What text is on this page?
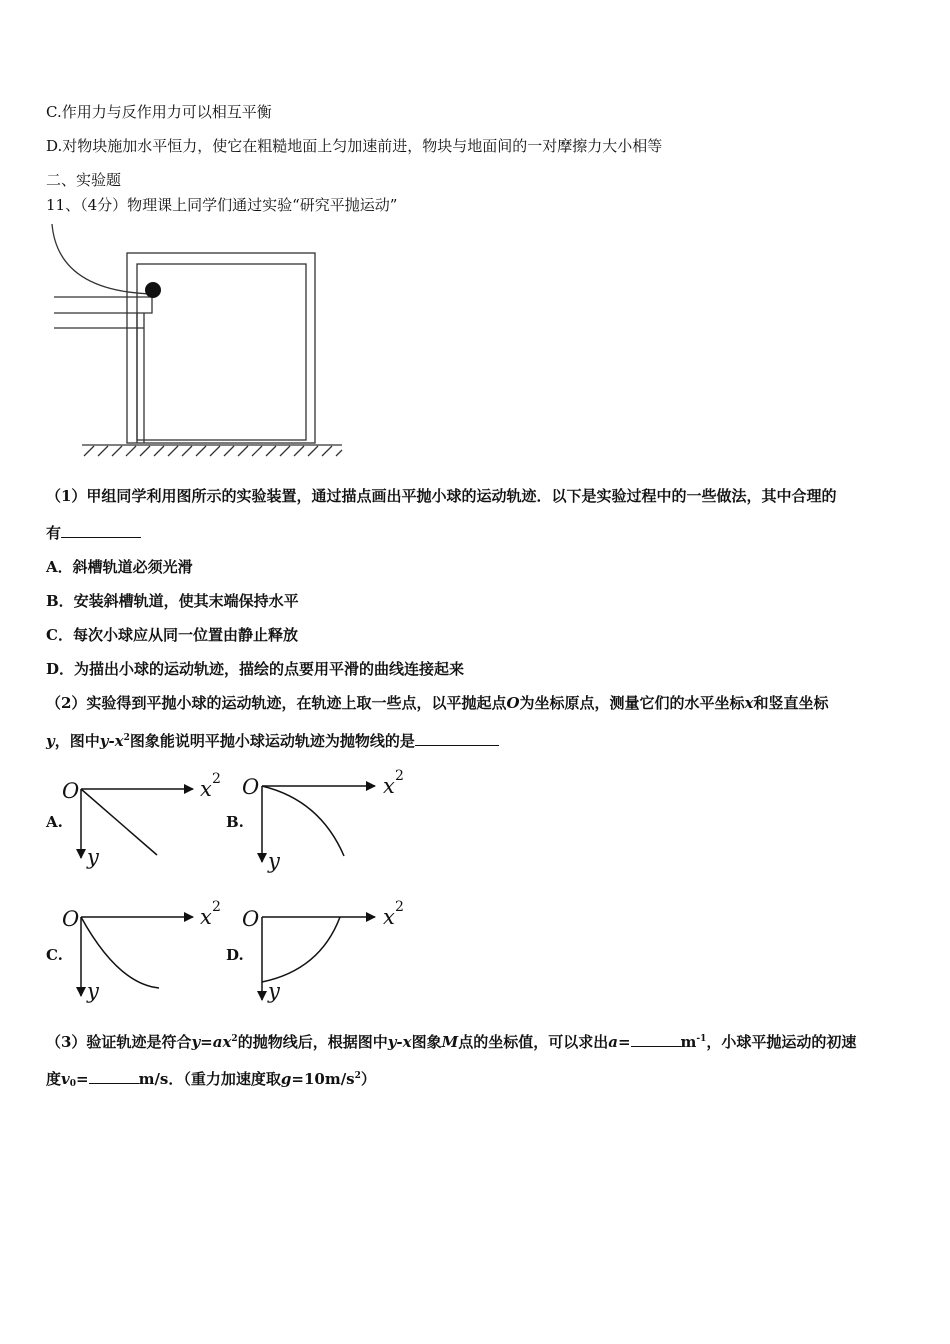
C.作用力与反作用力可以相互平衡
D.对物块施加水平恒力，使它在粗糙地面上匀加速前进，物块与地面间的一对摩擦力大小相等
二、实验题
11、（4分）物理课上同学们通过实验“研究平抛运动”
（1）甲组同学利用图所示的实验装置，通过描点画出平抛小球的运动轨迹．以下是实验过程中的一些做法，其中合理的
有
A．斜槽轨道必须光滑
B．安装斜槽轨道，使其末端保持水平
C．每次小球应从同一位置由静止释放
D．为描出小球的运动轨迹，描绘的点要用平滑的曲线连接起来
（2）实验得到平抛小球的运动轨迹，在轨迹上取一些点，以平抛起点O为坐标原点，测量它们的水平坐标x和竖直坐标
y，图中$y-x^2$图象能说明平抛小球运动轨迹为抛物线的是
A.	B.
C.	D.
O	x
y
O	x
y
O	x
y
O	x
y
2	2
2	2
（3）验证轨迹是符合$y=ax^2$的抛物线后，根据图中y-x图象M点的坐标值，可以求出a=	$m^{-1}$，小球平抛运动的初速
度$v_0=$	m/s．（重力加速度取$g=10m/s^2$）
